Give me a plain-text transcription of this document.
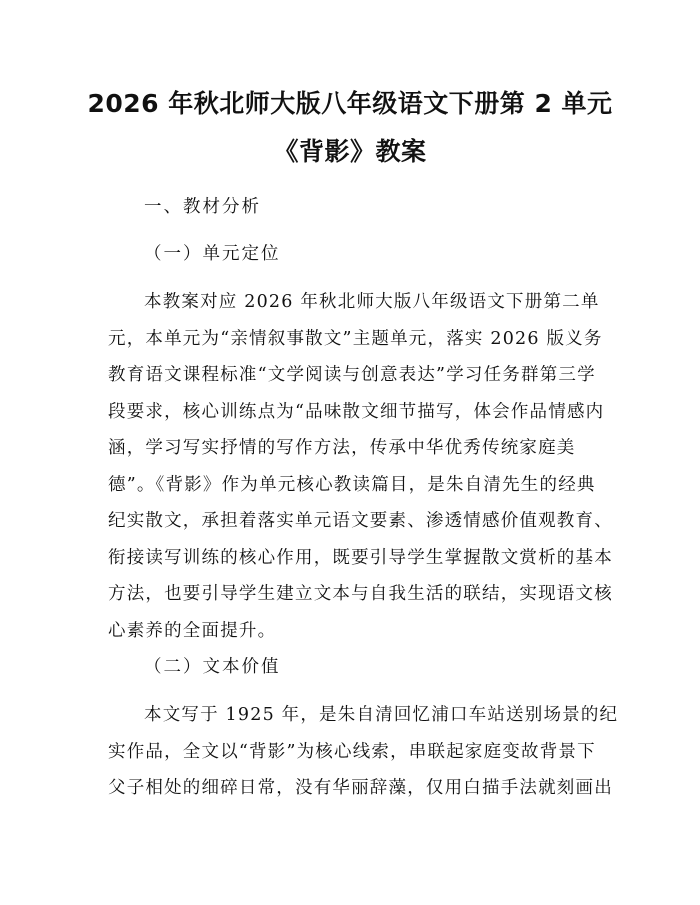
2026 年秋北师大版八年级语文下册第 2 单元
《背影》教案
一、教材分析
（一）单元定位
本教案对应 2026 年秋北师大版八年级语文下册第二单
元，本单元为“亲情叙事散文”主题单元，落实 2026 版义务
教育语文课程标准“文学阅读与创意表达”学习任务群第三学
段要求，核心训练点为“品味散文细节描写，体会作品情感内
涵，学习写实抒情的写作方法，传承中华优秀传统家庭美
德”。《背影》作为单元核心教读篇目，是朱自清先生的经典
纪实散文，承担着落实单元语文要素、渗透情感价值观教育、
衔接读写训练的核心作用，既要引导学生掌握散文赏析的基本
方法，也要引导学生建立文本与自我生活的联结，实现语文核
心素养的全面提升。
（二）文本价值
本文写于 1925 年，是朱自清回忆浦口车站送别场景的纪
实作品，全文以“背影”为核心线索，串联起家庭变故背景下
父子相处的细碎日常，没有华丽辞藻，仅用白描手法就刻画出
